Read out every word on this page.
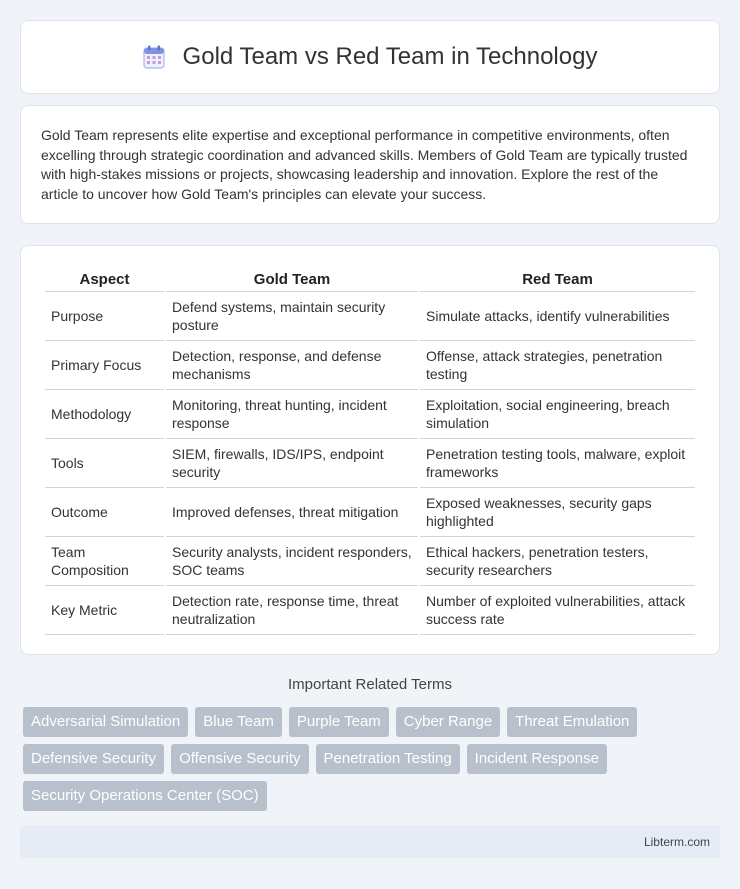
Gold Team vs Red Team in Technology

Gold Team represents elite expertise and exceptional performance in competitive environments, often excelling through strategic coordination and advanced skills. Members of Gold Team are typically trusted with high-stakes missions or projects, showcasing leadership and innovation. Explore the rest of the article to uncover how Gold Team's principles can elevate your success.

Aspect	Gold Team	Red Team
Purpose	Defend systems, maintain security posture	Simulate attacks, identify vulnerabilities
Primary Focus	Detection, response, and defense mechanisms	Offense, attack strategies, penetration testing
Methodology	Monitoring, threat hunting, incident response	Exploitation, social engineering, breach simulation
Tools	SIEM, firewalls, IDS/IPS, endpoint security	Penetration testing tools, malware, exploit frameworks
Outcome	Improved defenses, threat mitigation	Exposed weaknesses, security gaps highlighted
Team Composition	Security analysts, incident responders, SOC teams	Ethical hackers, penetration testers, security researchers
Key Metric	Detection rate, response time, threat neutralization	Number of exploited vulnerabilities, attack success rate
Important Related Terms
Adversarial Simulation	Blue Team	Purple Team	Cyber Range	Threat Emulation
Defensive Security	Offensive Security	Penetration Testing	Incident Response
Security Operations Center (SOC)
Libterm.com
